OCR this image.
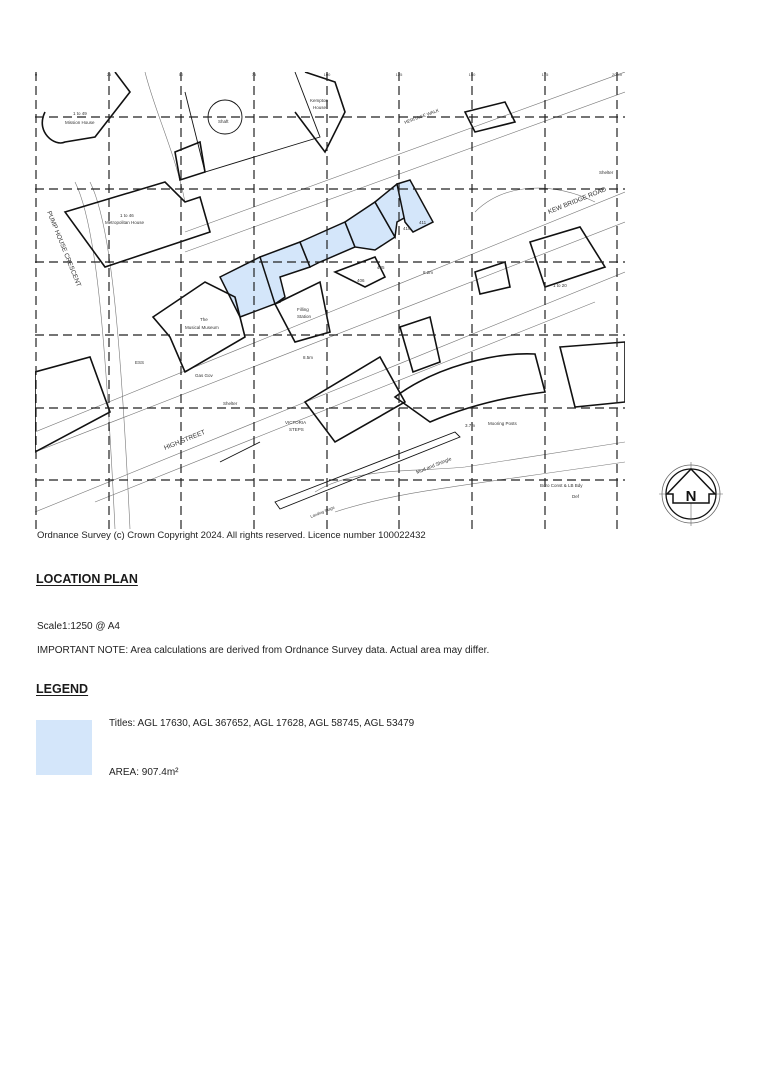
0	25	50	75	100	125	150	175	200m
1 to 49
Mission House
1 to 46
Metropolitan House
Shaft
Kempton
House
The
Musical Museum
Filling
Station
ESS
Gas Gov
Shelter
Shelter
VICTORIA
STEPS
8.2m
8.5m
3.7m	Mooring Posts
Boro Const & LB Bdy
Def
1 to 20
411
410
405
406
PUMP HOUSE CRESCENT
HERITAGE WALK
KEW BRIDGE ROAD
HIGH STREET
Mud and Shingle
Landing Stage
Ordnance Survey (c) Crown Copyright 2024. All rights reserved. Licence number 100022432
N
LOCATION PLAN
Scale1:1250 @ A4
IMPORTANT NOTE: Area calculations are derived from Ordnance Survey data. Actual area may differ.
LEGEND
Titles: AGL 17630, AGL 367652, AGL 17628, AGL 58745, AGL 53479
AREA: 907.4m²
